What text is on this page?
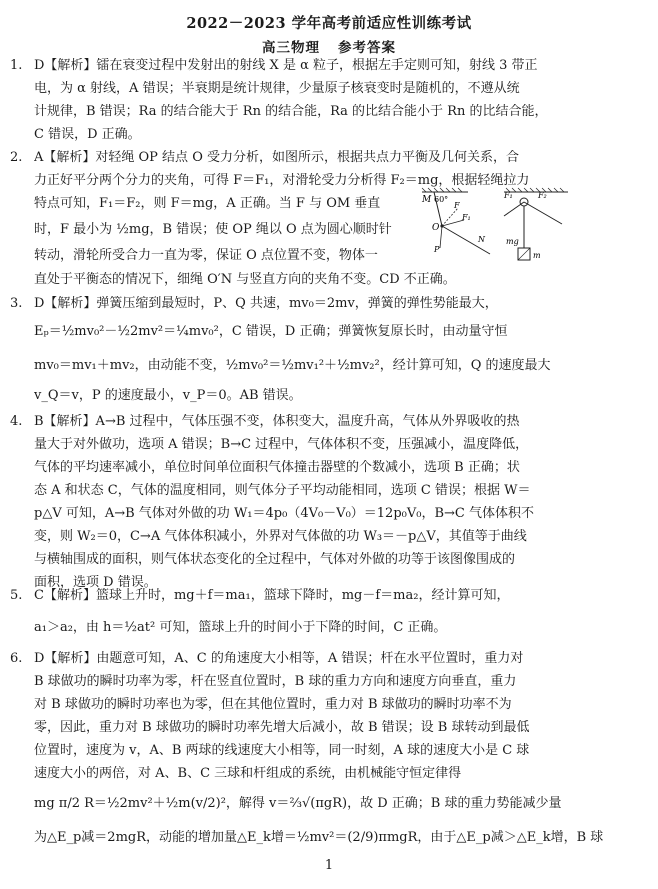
2022－2023 学年高考前适应性训练考试
高三物理 参考答案
1. D【解析】镭在衰变过程中发射出的射线 X 是 α 粒子，根据左手定则可知，射线 3 带正
电，为 α 射线，A 错误；半衰期是统计规律，少量原子核衰变时是随机的，不遵从统
计规律，B 错误；Ra 的结合能大于 Rn 的结合能，Ra 的比结合能小于 Rn 的比结合能，
C 错误，D 正确。
2. A【解析】对轻绳 OP 结点 O 受力分析，如图所示，根据共点力平衡及几何关系，合
力正好平分两个分力的夹角，可得 F＝F₁，对滑轮受力分析得 F₂＝mg，根据轻绳拉力
特点可知，F₁＝F₂，则 F＝mg，A 正确。当 F 与 OM 垂直
时，F 最小为 ½mg，B 错误；使 OP 绳以 O 点为圆心顺时针
转动，滑轮所受合力一直为零，保证 O 点位置不变，物体一
直处于平衡态的情况下，细绳 O′N 与竖直方向的夹角不变。CD 不正确。
M 60°
O
F
F₁
N
P
F₁	F₂
mg
m
3. D【解析】弹簧压缩到最短时，P、Q 共速，mv₀＝2mv，弹簧的弹性势能最大，
Eₚ＝½mv₀²－½2mv²＝¼mv₀²，C 错误，D 正确；弹簧恢复原长时，由动量守恒
mv₀＝mv₁＋mv₂，由动能不变，½mv₀²＝½mv₁²＋½mv₂²，经计算可知，Q 的速度最大
v_Q＝v，P 的速度最小，v_P＝0。AB 错误。
4. B【解析】A→B 过程中，气体压强不变，体积变大，温度升高，气体从外界吸收的热
量大于对外做功，选项 A 错误；B→C 过程中，气体体积不变，压强减小，温度降低，
气体的平均速率减小，单位时间单位面积气体撞击器壁的个数减小，选项 B 正确；状
态 A 和状态 C，气体的温度相同，则气体分子平均动能相同，选项 C 错误；根据 W＝
p△V 可知，A→B 气体对外做的功 W₁＝4p₀（4V₀－V₀）＝12p₀V₀，B→C 气体体积不
变，则 W₂＝0，C→A 气体体积减小，外界对气体做的功 W₃＝－p△V，其值等于曲线
与横轴围成的面积，则气体状态变化的全过程中，气体对外做的功等于该图像围成的
面积，选项 D 错误。
5. C【解析】篮球上升时，mg＋f＝ma₁，篮球下降时，mg－f＝ma₂，经计算可知，
a₁＞a₂，由 h＝½at² 可知，篮球上升的时间小于下降的时间，C 正确。
6. D【解析】由题意可知，A、C 的角速度大小相等，A 错误；杆在水平位置时，重力对
B 球做功的瞬时功率为零，杆在竖直位置时，B 球的重力方向和速度方向垂直，重力
对 B 球做功的瞬时功率也为零，但在其他位置时，重力对 B 球做功的瞬时功率不为
零，因此，重力对 B 球做功的瞬时功率先增大后减小，故 B 错误；设 B 球转动到最低
位置时，速度为 v，A、B 两球的线速度大小相等，同一时刻，A 球的速度大小是 C 球
速度大小的两倍，对 A、B、C 三球和杆组成的系统，由机械能守恒定律得
mg π/2 R＝½2mv²＋½m(v/2)²，解得 v＝⅔√(πgR)，故 D 正确；B 球的重力势能减少量
为△E_p减＝2mgR，动能的增加量△E_k增＝½mv²＝(2/9)πmgR，由于△E_p减＞△E_k增，B 球
1
